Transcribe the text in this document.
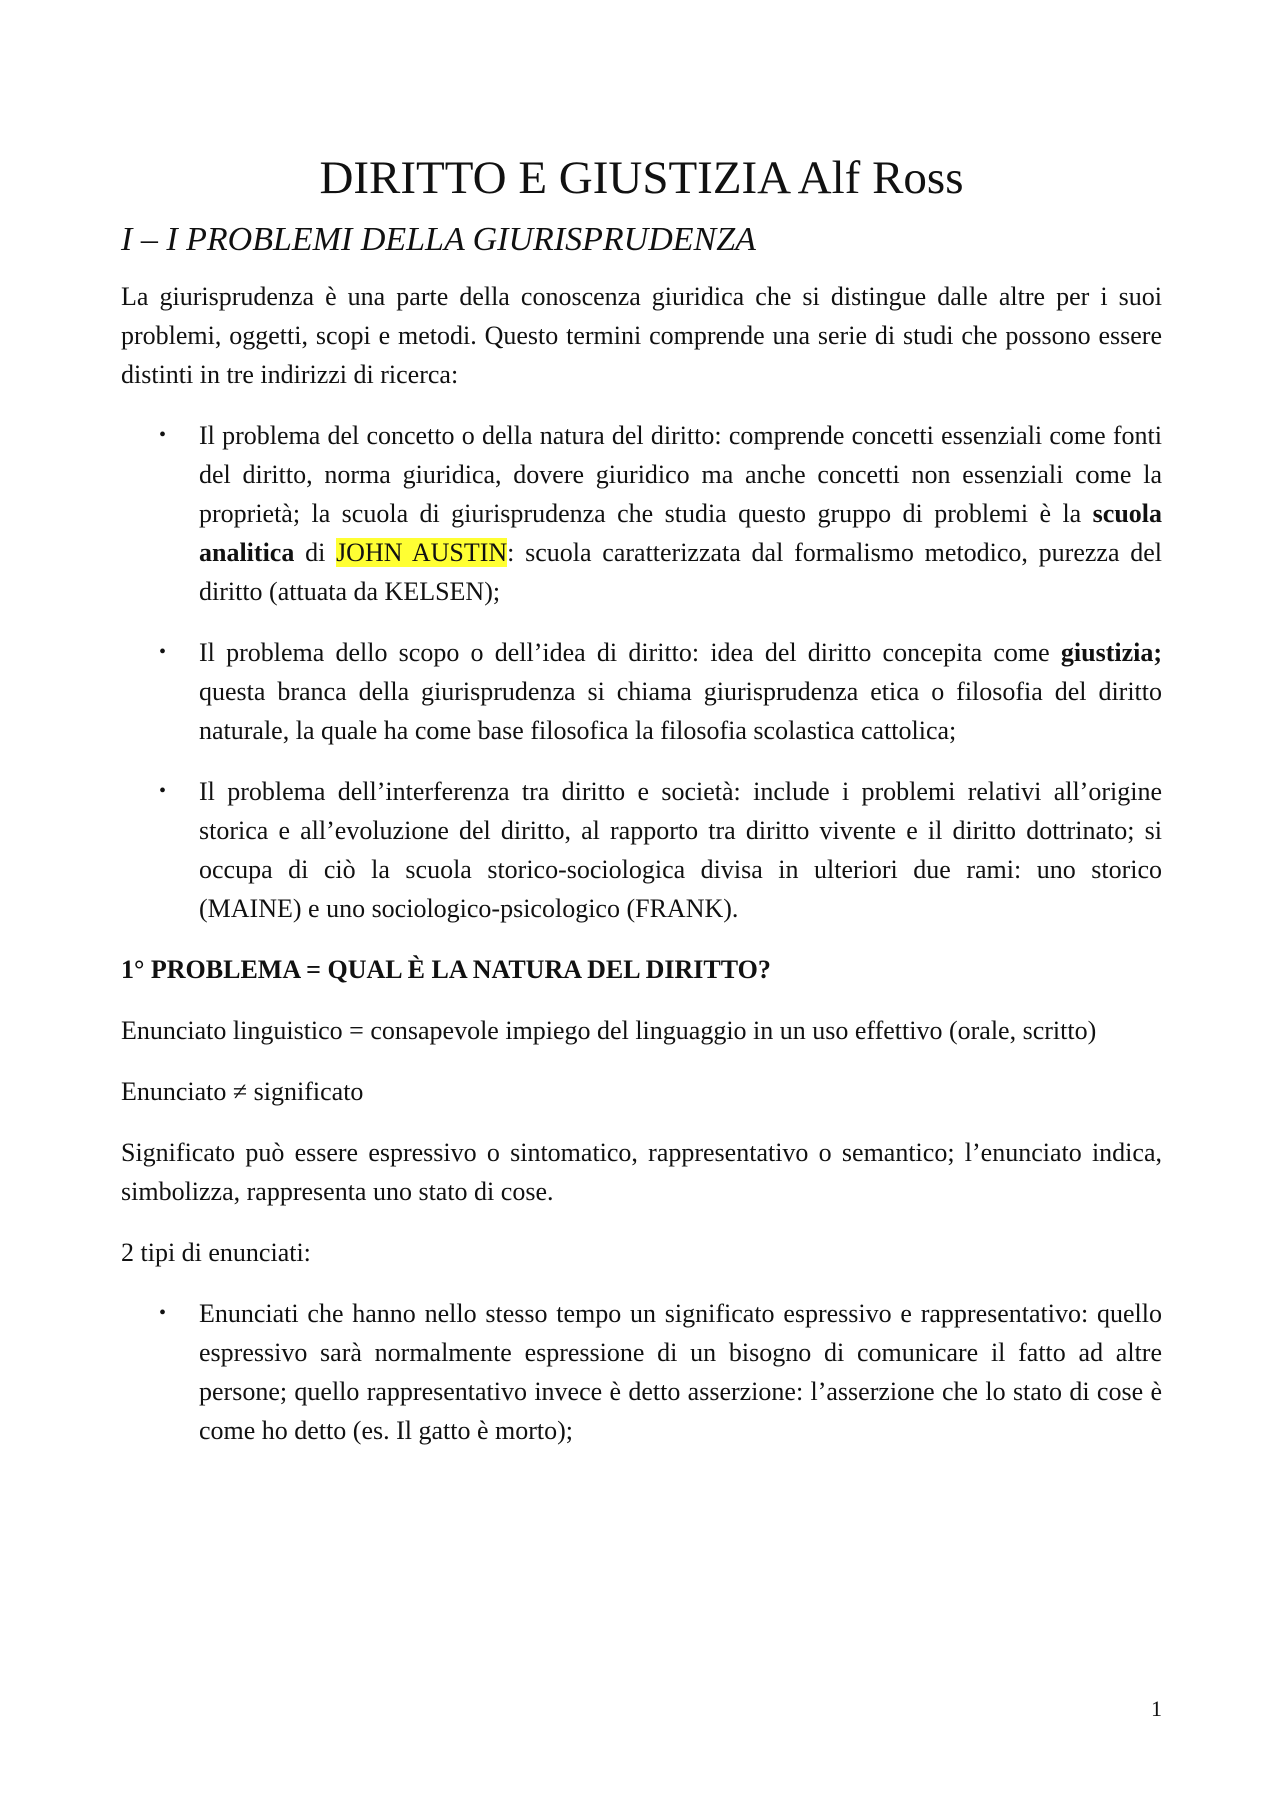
DIRITTO E GIUSTIZIA Alf Ross
I – I PROBLEMI DELLA GIURISPRUDENZA

La giurisprudenza è una parte della conoscenza giuridica che si distingue dalle altre per i suoi problemi, oggetti, scopi e metodi. Questo termini comprende una serie di studi che possono essere distinti in tre indirizzi di ricerca:

• Il problema del concetto o della natura del diritto: comprende concetti essenziali come fonti del diritto, norma giuridica, dovere giuridico ma anche concetti non essenziali come la proprietà; la scuola di giurisprudenza che studia questo gruppo di problemi è la scuola analitica di JOHN AUSTIN: scuola caratterizzata dal formalismo metodico, purezza del diritto (attuata da KELSEN);
• Il problema dello scopo o dell’idea di diritto: idea del diritto concepita come giustizia; questa branca della giurisprudenza si chiama giurisprudenza etica o filosofia del diritto naturale, la quale ha come base filosofica la filosofia scolastica cattolica;
• Il problema dell’interferenza tra diritto e società: include i problemi relativi all’origine storica e all’evoluzione del diritto, al rapporto tra diritto vivente e il diritto dottrinato; si occupa di ciò la scuola storico-sociologica divisa in ulteriori due rami: uno storico (MAINE) e uno sociologico-psicologico (FRANK).
1° PROBLEMA = QUAL È LA NATURA DEL DIRITTO?

Enunciato linguistico = consapevole impiego del linguaggio in un uso effettivo (orale, scritto)

Enunciato ≠ significato

Significato può essere espressivo o sintomatico, rappresentativo o semantico; l’enunciato indica, simbolizza, rappresenta uno stato di cose.

2 tipi di enunciati:

• Enunciati che hanno nello stesso tempo un significato espressivo e rappresentativo: quello espressivo sarà normalmente espressione di un bisogno di comunicare il fatto ad altre persone; quello rappresentativo invece è detto asserzione: l’asserzione che lo stato di cose è come ho detto (es. Il gatto è morto);
1
